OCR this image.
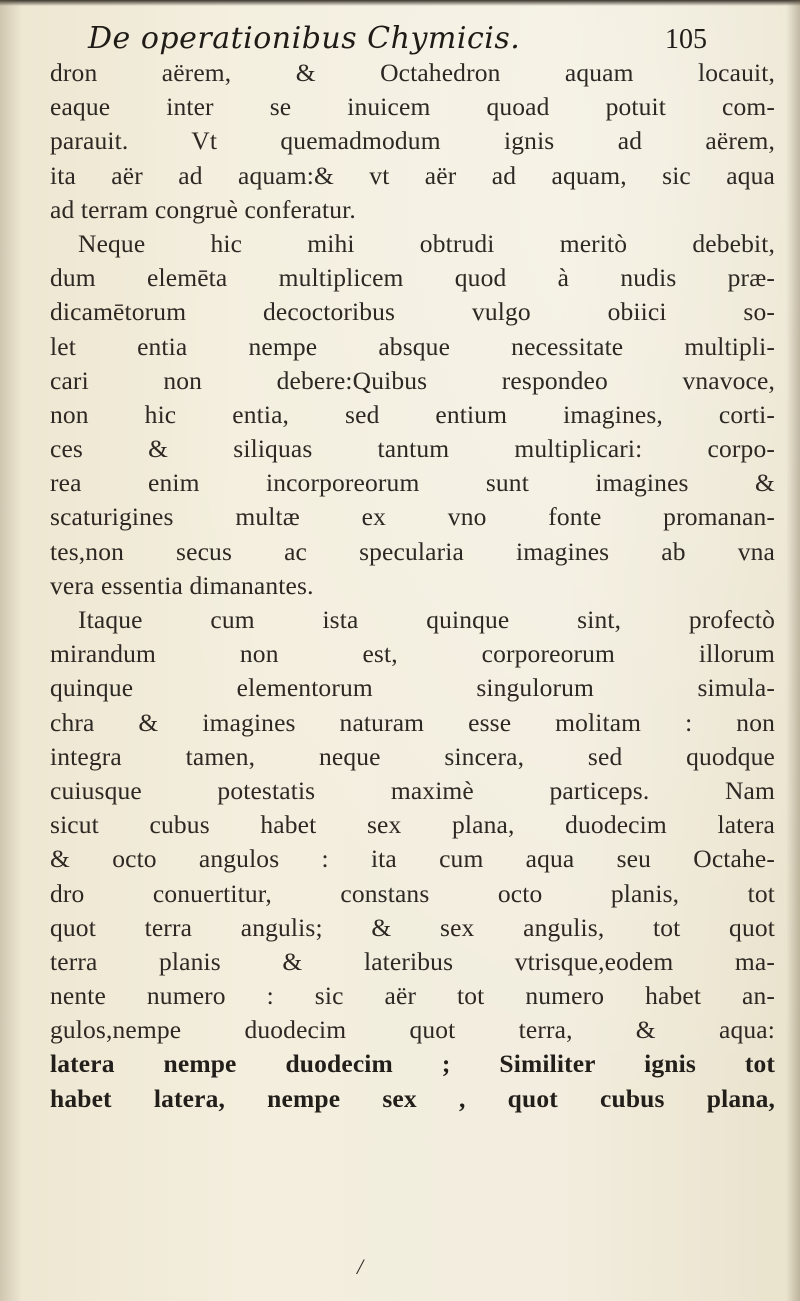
De operationibus Chymicis.	105
dron aërem, & Octahedron aquam locauit,
eaque inter se inuicem quoad potuit com-
parauit. Vt quemadmodum ignis ad aërem,
ita aër ad aquam:& vt aër ad aquam, sic aqua
ad terram congruè conferatur.
Neque hic mihi obtrudi meritò debebit,
dum elemēta multiplicem quod à nudis præ-
dicamētorum decoctoribus vulgo obiici so-
let entia nempe absque necessitate multipli-
cari non debere:Quibus respondeo vnavoce,
non hic entia, sed entium imagines, corti-
ces & siliquas tantum multiplicari: corpo-
rea enim incorporeorum sunt imagines &
scaturigines multæ ex vno fonte promanan-
tes,non secus ac specularia imagines ab vna
vera essentia dimanantes.
Itaque cum ista quinque sint, profectò
mirandum non est, corporeorum illorum
quinque elementorum singulorum simula-
chra & imagines naturam esse molitam : non
integra tamen, neque sincera, sed quodque
cuiusque potestatis maximè particeps. Nam
sicut cubus habet sex plana, duodecim latera
& octo angulos : ita cum aqua seu Octahe-
dro conuertitur, constans octo planis, tot
quot terra angulis; & sex angulis, tot quot
terra planis & lateribus vtrisque,eodem ma-
nente numero : sic aër tot numero habet an-
gulos,nempe duodecim quot terra, & aqua:
latera nempe duodecim ; Similiter ignis tot
habet latera, nempe sex , quot cubus plana,
/
